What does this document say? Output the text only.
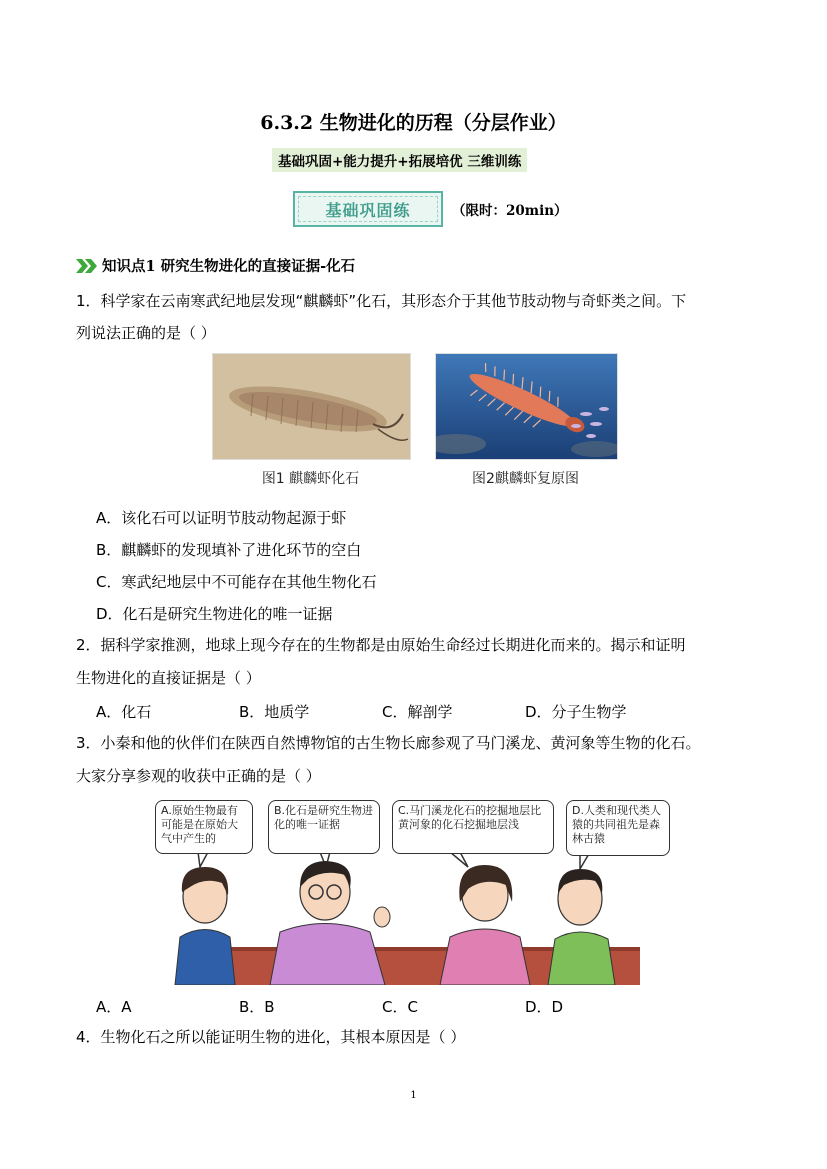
6.3.2 生物进化的历程（分层作业）
基础巩固+能力提升+拓展培优 三维训练
基础巩固练	（限时：20min）
知识点1 研究生物进化的直接证据-化石
1．科学家在云南寒武纪地层发现“麒麟虾”化石，其形态介于其他节肢动物与奇虾类之间。下
列说法正确的是（ ）
图1 麒麟虾化石	图2麒麟虾复原图
A．该化石可以证明节肢动物起源于虾
B．麒麟虾的发现填补了进化环节的空白
C．寒武纪地层中不可能存在其他生物化石
D．化石是研究生物进化的唯一证据
2．据科学家推测，地球上现今存在的生物都是由原始生命经过长期进化而来的。揭示和证明
生物进化的直接证据是（ ）
A．化石	B．地质学	C．解剖学	D．分子生物学
3．小秦和他的伙伴们在陕西自然博物馆的古生物长廊参观了马门溪龙、黄河象等生物的化石。
大家分享参观的收获中正确的是（ ）
A.原始生物最有可能是在原始大气中产生的
B.化石是研究生物进化的唯一证据
C.马门溪龙化石的挖掘地层比黄河象的化石挖掘地层浅
D.人类和现代类人猿的共同祖先是森林古猿
A．A	B．B	C．C	D．D
4．生物化石之所以能证明生物的进化，其根本原因是（ ）
1
